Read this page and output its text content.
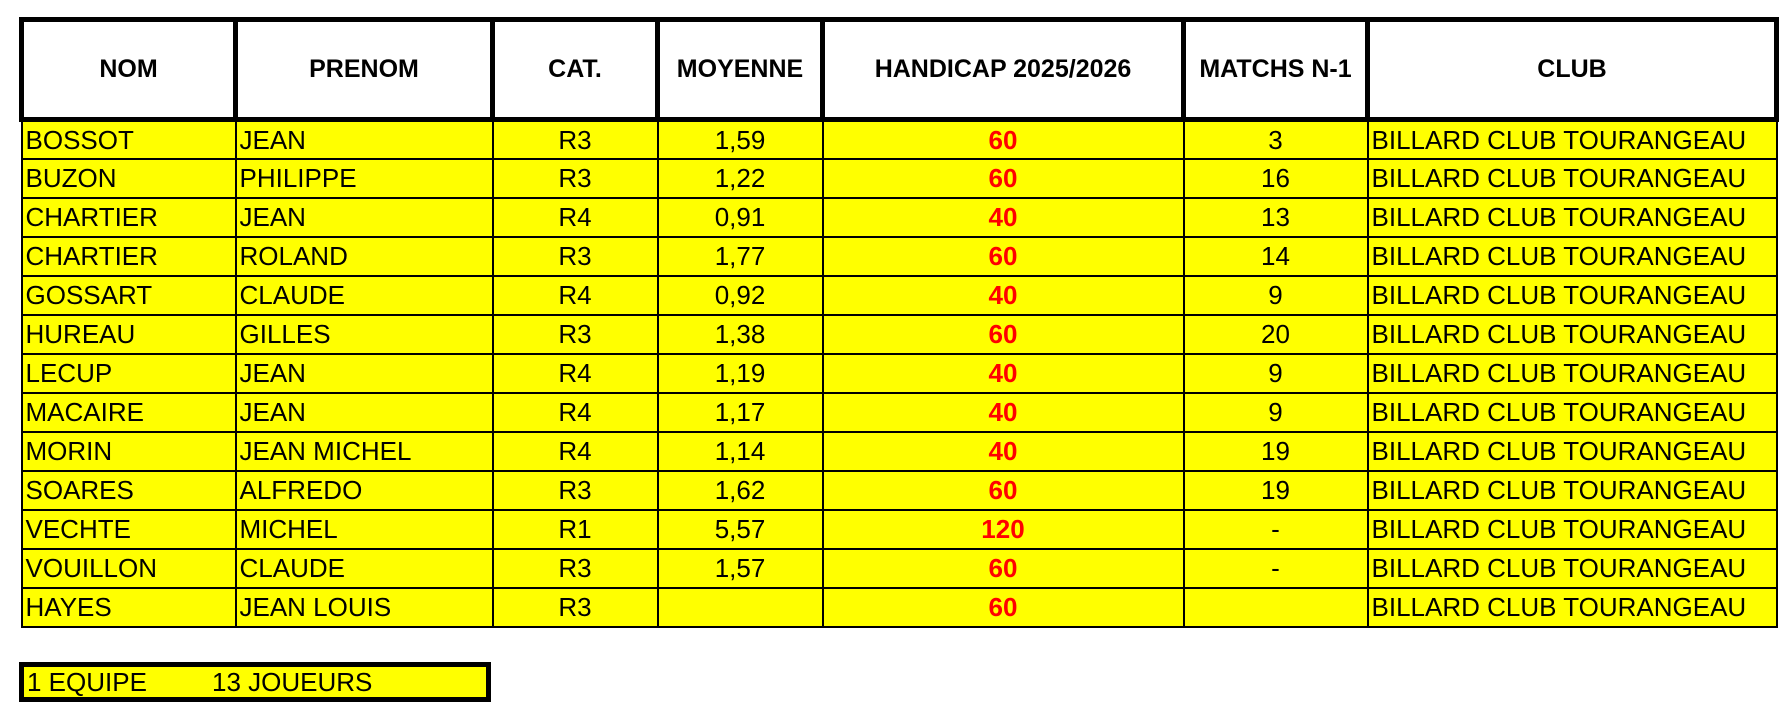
NOM	PRENOM	CAT.	MOYENNE	HANDICAP 2025/2026	MATCHS N-1	CLUB
BOSSOT	JEAN	R3	1,59	60	3	BILLARD CLUB TOURANGEAU
BUZON	PHILIPPE	R3	1,22	60	16	BILLARD CLUB TOURANGEAU
CHARTIER	JEAN	R4	0,91	40	13	BILLARD CLUB TOURANGEAU
CHARTIER	ROLAND	R3	1,77	60	14	BILLARD CLUB TOURANGEAU
GOSSART	CLAUDE	R4	0,92	40	9	BILLARD CLUB TOURANGEAU
HUREAU	GILLES	R3	1,38	60	20	BILLARD CLUB TOURANGEAU
LECUP	JEAN	R4	1,19	40	9	BILLARD CLUB TOURANGEAU
MACAIRE	JEAN	R4	1,17	40	9	BILLARD CLUB TOURANGEAU
MORIN	JEAN MICHEL	R4	1,14	40	19	BILLARD CLUB TOURANGEAU
SOARES	ALFREDO	R3	1,62	60	19	BILLARD CLUB TOURANGEAU
VECHTE	MICHEL	R1	5,57	120	-	BILLARD CLUB TOURANGEAU
VOUILLON	CLAUDE	R3	1,57	60	-	BILLARD CLUB TOURANGEAU
HAYES	JEAN LOUIS	R3		60		BILLARD CLUB TOURANGEAU
1 EQUIPE	13 JOUEURS
